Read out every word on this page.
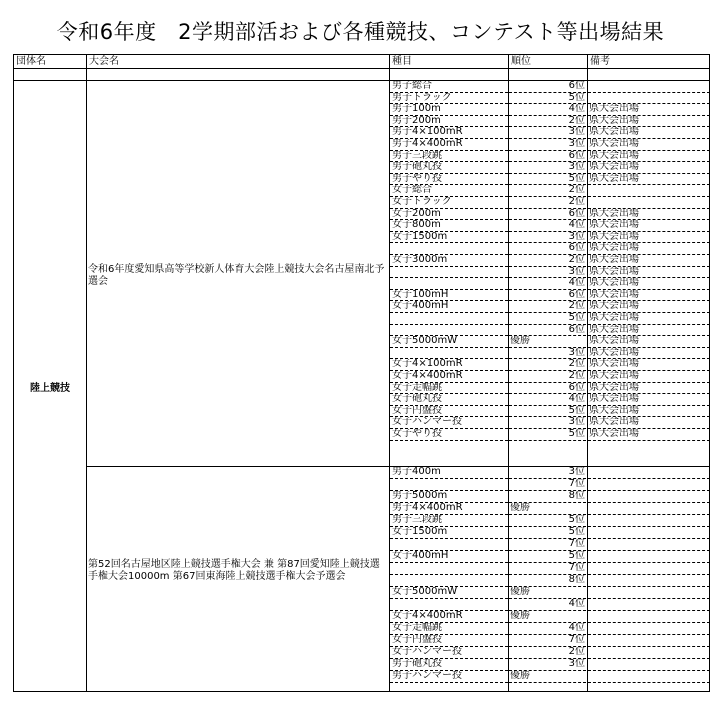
令和6年度　2学期部活および各種競技、コンテスト等出場結果
団体名	大会名	種目	順位	備考
陸上競技
令和6年度愛知県高等学校新人体育大会陸上競技大会名古屋南北予選会
第52回名古屋地区陸上競技選手権大会 兼 第87回愛知陸上競技選手権大会10000m 第67回東海陸上競技選手権大会予選会
男子総合	6位
男子トラック	5位
男子100m	4位 県大会出場
男子200m	2位 県大会出場
男子4×100mR	3位 県大会出場
男子4×400mR	3位 県大会出場
男子三段跳	6位 県大会出場
男子砲丸投	3位 県大会出場
男子やり投	5位 県大会出場
女子総合	2位
女子トラック	2位
女子200m	6位 県大会出場
女子800m	4位 県大会出場
女子1500m	3位 県大会出場
6位 県大会出場
女子3000m	2位 県大会出場
3位 県大会出場
4位 県大会出場
女子100mH	6位 県大会出場
女子400mH	2位 県大会出場
5位 県大会出場
6位 県大会出場
女子5000mW	優勝	県大会出場
3位 県大会出場
女子4×100mR	2位 県大会出場
女子4×400mR	2位 県大会出場
女子走幅跳	6位 県大会出場
女子砲丸投	4位 県大会出場
女子円盤投	5位 県大会出場
女子ハンマー投	3位 県大会出場
女子やり投	5位 県大会出場
男子400m	3位
7位
男子5000m	8位
男子4×400mR	優勝
男子三段跳	5位
女子1500m	5位
7位
女子400mH	5位
7位
8位
女子5000mW	優勝
4位
女子4×400mR	優勝
女子走幅跳	4位
女子円盤投	7位
女子ハンマー投	2位
男子砲丸投	3位
男子ハンマー投	優勝
